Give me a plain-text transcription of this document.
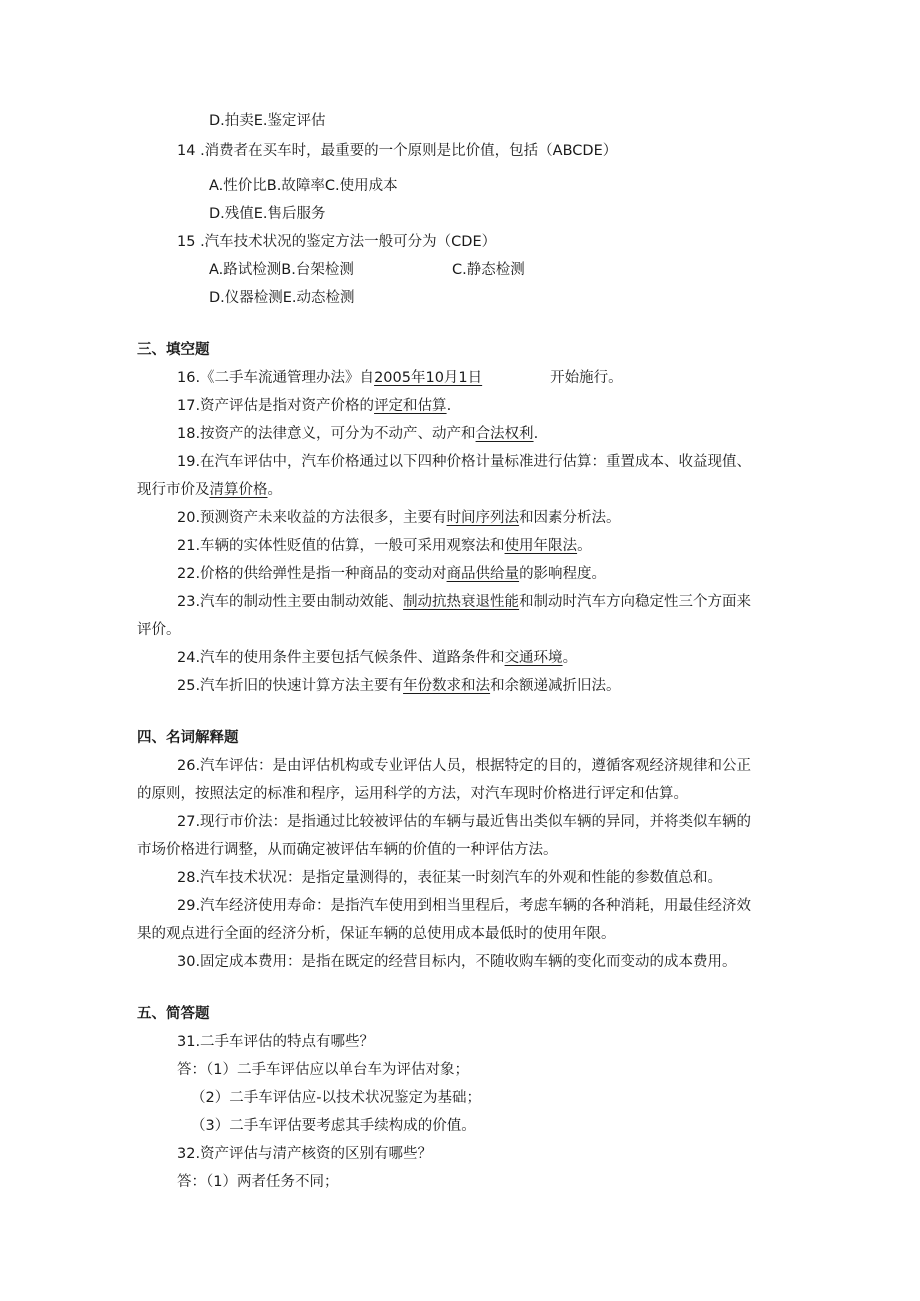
D.拍卖E.鉴定评估
14 .消费者在买车时，最重要的一个原则是比价值，包括（ABCDE）
A.性价比B.故障率C.使用成本
D.残值E.售后服务
15 .汽车技术状况的鉴定方法一般可分为（CDE）
A.路试检测B.台架检测	C.静态检测
D.仪器检测E.动态检测
三、填空题
16.《二手车流通管理办法》自2005年10月1日	开始施行。
17.资产评估是指对资产价格的评定和估算.
18.按资产的法律意义，可分为不动产、动产和合法权利.
19.在汽车评估中，汽车价格通过以下四种价格计量标准进行估算：重置成本、收益现值、
现行市价及清算价格。
20.预测资产未来收益的方法很多，主要有时间序列法和因素分析法。
21.车辆的实体性贬值的估算，一般可采用观察法和使用年限法。
22.价格的供给弹性是指一种商品的变动对商品供给量的影响程度。
23.汽车的制动性主要由制动效能、制动抗热衰退性能和制动时汽车方向稳定性三个方面来
评价。
24.汽车的使用条件主要包括气候条件、道路条件和交通环境。
25.汽车折旧的快速计算方法主要有年份数求和法和余额递减折旧法。
四、名词解释题
26.汽车评估：是由评估机构或专业评估人员，根据特定的目的，遵循客观经济规律和公正
的原则，按照法定的标准和程序，运用科学的方法，对汽车现时价格进行评定和估算。
27.现行市价法：是指通过比较被评估的车辆与最近售出类似车辆的异同，并将类似车辆的
市场价格进行调整，从而确定被评估车辆的价值的一种评估方法。
28.汽车技术状况：是指定量测得的，表征某一时刻汽车的外观和性能的参数值总和。
29.汽车经济使用寿命：是指汽车使用到相当里程后，考虑车辆的各种消耗，用最佳经济效
果的观点进行全面的经济分析，保证车辆的总使用成本最低时的使用年限。
30.固定成本费用：是指在既定的经营目标内，不随收购车辆的变化而变动的成本费用。
五、简答题
31.二手车评估的特点有哪些？
答：（1）二手车评估应以单台车为评估对象；
（2）二手车评估应-以技术状况鉴定为基础；
（3）二手车评估要考虑其手续构成的价值。
32.资产评估与清产核资的区别有哪些？
答：（1）两者任务不同；
